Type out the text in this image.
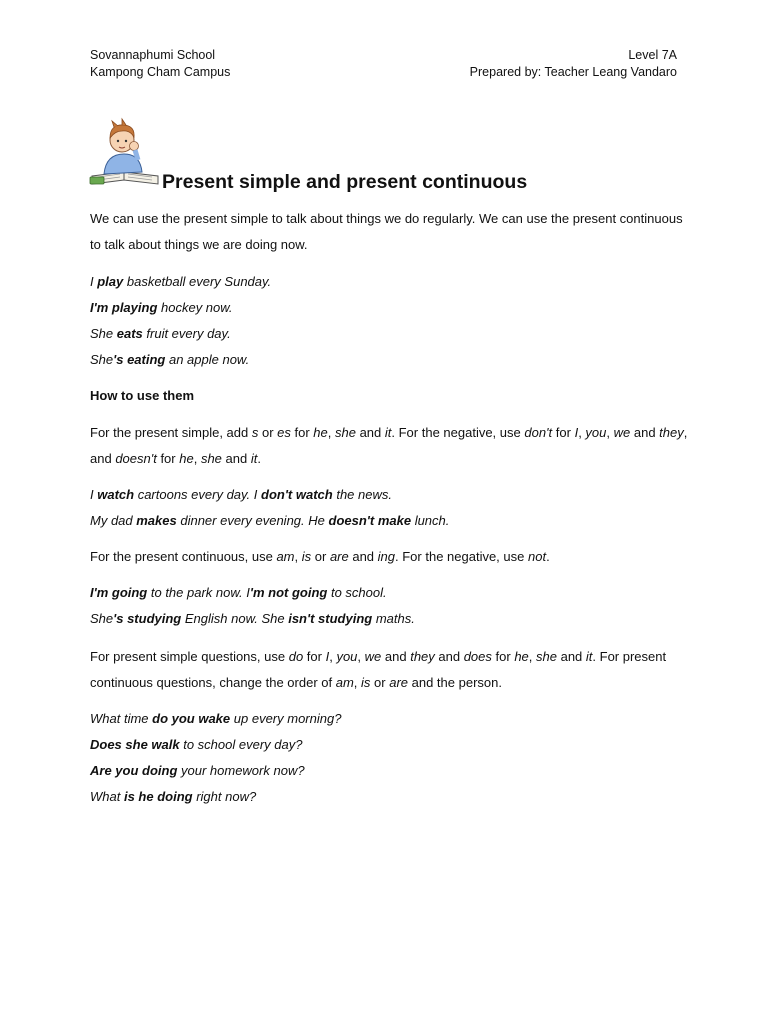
Sovannaphumi School
Kampong Cham Campus
Level 7A
Prepared by: Teacher Leang Vandaro
Present simple and present continuous
We can use the present simple to talk about things we do regularly. We can use the present continuous
to talk about things we are doing now.
I play basketball every Sunday.
I'm playing hockey now.
She eats fruit every day.
She's eating an apple now.
How to use them
For the present simple, add s or es for he, she and it. For the negative, use don't for I, you, we and they,
and doesn't for he, she and it.
I watch cartoons every day. I don't watch the news.
My dad makes dinner every evening. He doesn't make lunch.
For the present continuous, use am, is or are and ing. For the negative, use not.
I'm going to the park now. I'm not going to school.
She's studying English now. She isn't studying maths.
For present simple questions, use do for I, you, we and they and does for he, she and it. For present
continuous questions, change the order of am, is or are and the person.
What time do you wake up every morning?
Does she walk to school every day?
Are you doing your homework now?
What is he doing right now?
